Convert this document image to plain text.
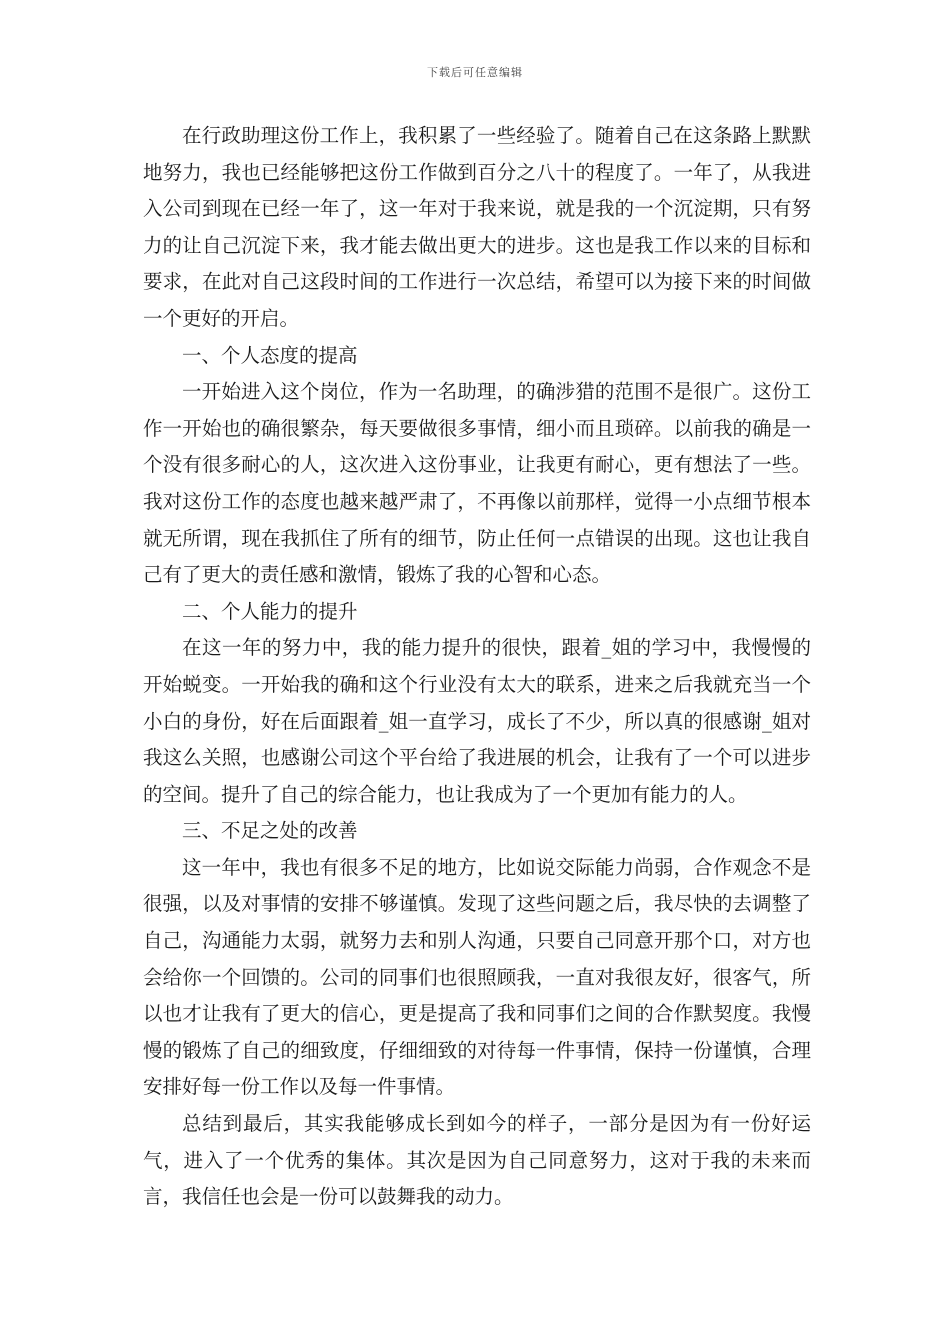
下载后可任意编辑

在行政助理这份工作上，我积累了一些经验了。随着自己在这条路上默默地努力，我也已经能够把这份工作做到百分之八十的程度了。一年了，从我进入公司到现在已经一年了，这一年对于我来说，就是我的一个沉淀期，只有努力的让自己沉淀下来，我才能去做出更大的进步。这也是我工作以来的目标和要求，在此对自己这段时间的工作进行一次总结，希望可以为接下来的时间做一个更好的开启。

一、个人态度的提高

一开始进入这个岗位，作为一名助理，的确涉猎的范围不是很广。这份工作一开始也的确很繁杂，每天要做很多事情，细小而且琐碎。以前我的确是一个没有很多耐心的人，这次进入这份事业，让我更有耐心，更有想法了一些。我对这份工作的态度也越来越严肃了，不再像以前那样，觉得一小点细节根本就无所谓，现在我抓住了所有的细节，防止任何一点错误的出现。这也让我自己有了更大的责任感和激情，锻炼了我的心智和心态。

二、个人能力的提升

在这一年的努力中，我的能力提升的很快，跟着_姐的学习中，我慢慢的开始蜕变。一开始我的确和这个行业没有太大的联系，进来之后我就充当一个小白的身份，好在后面跟着_姐一直学习，成长了不少，所以真的很感谢_姐对我这么关照，也感谢公司这个平台给了我进展的机会，让我有了一个可以进步的空间。提升了自己的综合能力，也让我成为了一个更加有能力的人。

三、不足之处的改善

这一年中，我也有很多不足的地方，比如说交际能力尚弱，合作观念不是很强，以及对事情的安排不够谨慎。发现了这些问题之后，我尽快的去调整了自己，沟通能力太弱，就努力去和别人沟通，只要自己同意开那个口，对方也会给你一个回馈的。公司的同事们也很照顾我，一直对我很友好，很客气，所以也才让我有了更大的信心，更是提高了我和同事们之间的合作默契度。我慢慢的锻炼了自己的细致度，仔细细致的对待每一件事情，保持一份谨慎，合理安排好每一份工作以及每一件事情。

总结到最后，其实我能够成长到如今的样子，一部分是因为有一份好运气，进入了一个优秀的集体。其次是因为自己同意努力，这对于我的未来而言，我信任也会是一份可以鼓舞我的动力。
